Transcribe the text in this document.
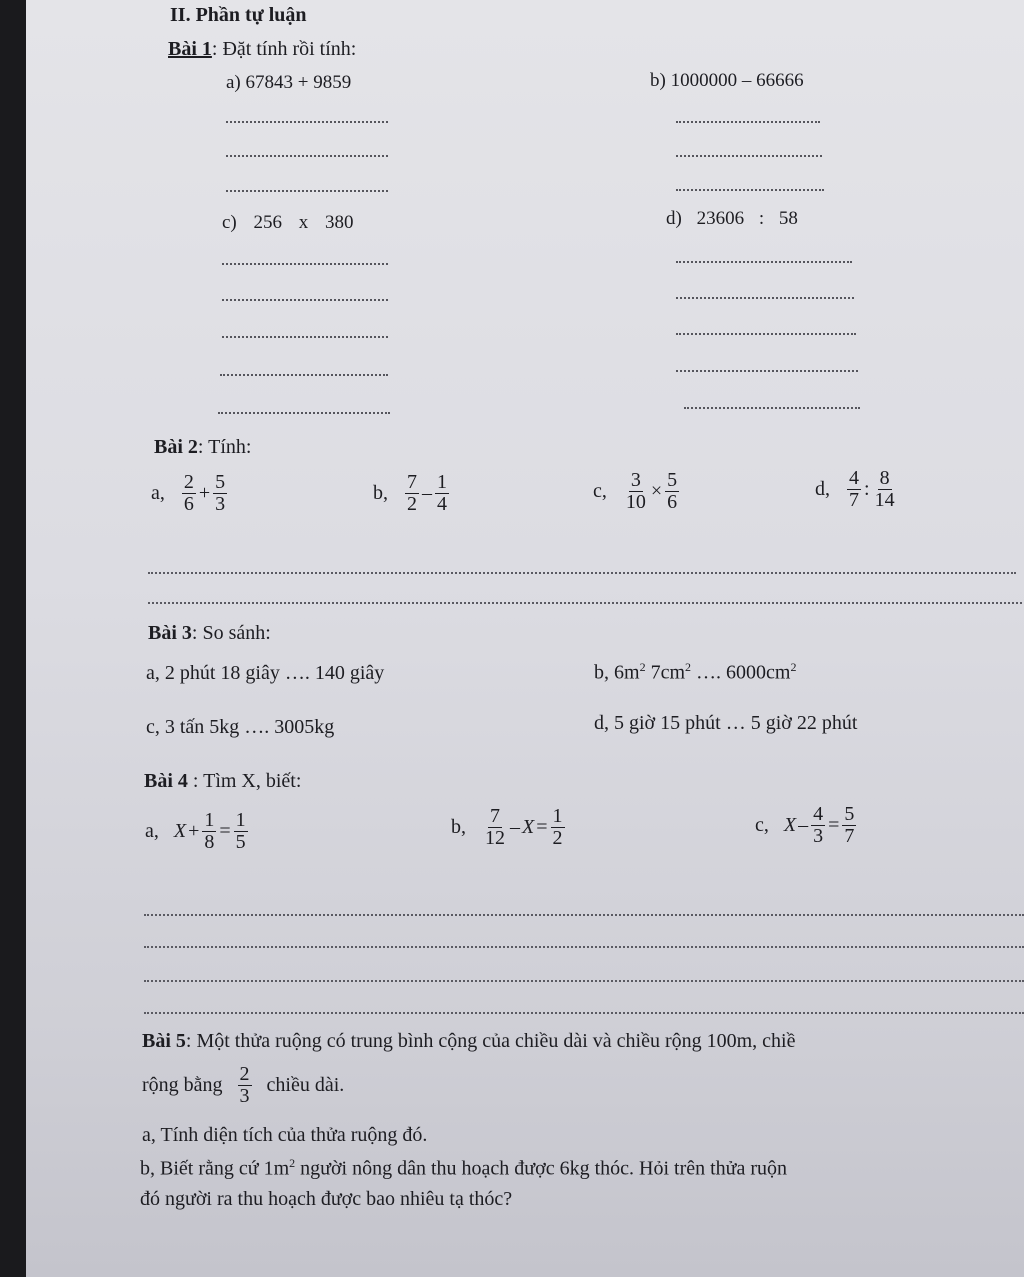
II. Phần tự luận
Bài 1: Đặt tính rồi tính:
a) 67843 + 9859	b) 1000000 – 66666
c) 256 x 380	d) 23606 : 58
Bài 2: Tính:
a, $\frac{2}{6} + \frac{5}{3}$	b, $\frac{7}{2} - \frac{1}{4}$	c, $\frac{3}{10} \times \frac{5}{6}$	d, $\frac{4}{7}$ : $\frac{8}{14}$
Bài 3: So sánh:
a, 2 phút 18 giây …. 140 giây	b, $6m^2$ $7cm^2$ …. $6000cm^2$
c, 3 tấn 5kg …. 3005kg	d, 5 giờ 15 phút … 5 giờ 22 phút
Bài 4 : Tìm X, biết:
a, $X + \frac{1}{8} = \frac{1}{5}$	b, $\frac{7}{12} - X = \frac{1}{2}$	c, $X - \frac{4}{3} = \frac{5}{7}$
Bài 5: Một thửa ruộng có trung bình cộng của chiều dài và chiều rộng 100m, chiề
rộng bằng $\frac{2}{3}$ chiều dài.
a, Tính diện tích của thửa ruộng đó.
b, Biết rằng cứ $1m^2$ người nông dân thu hoạch được 6kg thóc. Hỏi trên thửa ruộn
đó người ra thu hoạch được bao nhiêu tạ thóc?
